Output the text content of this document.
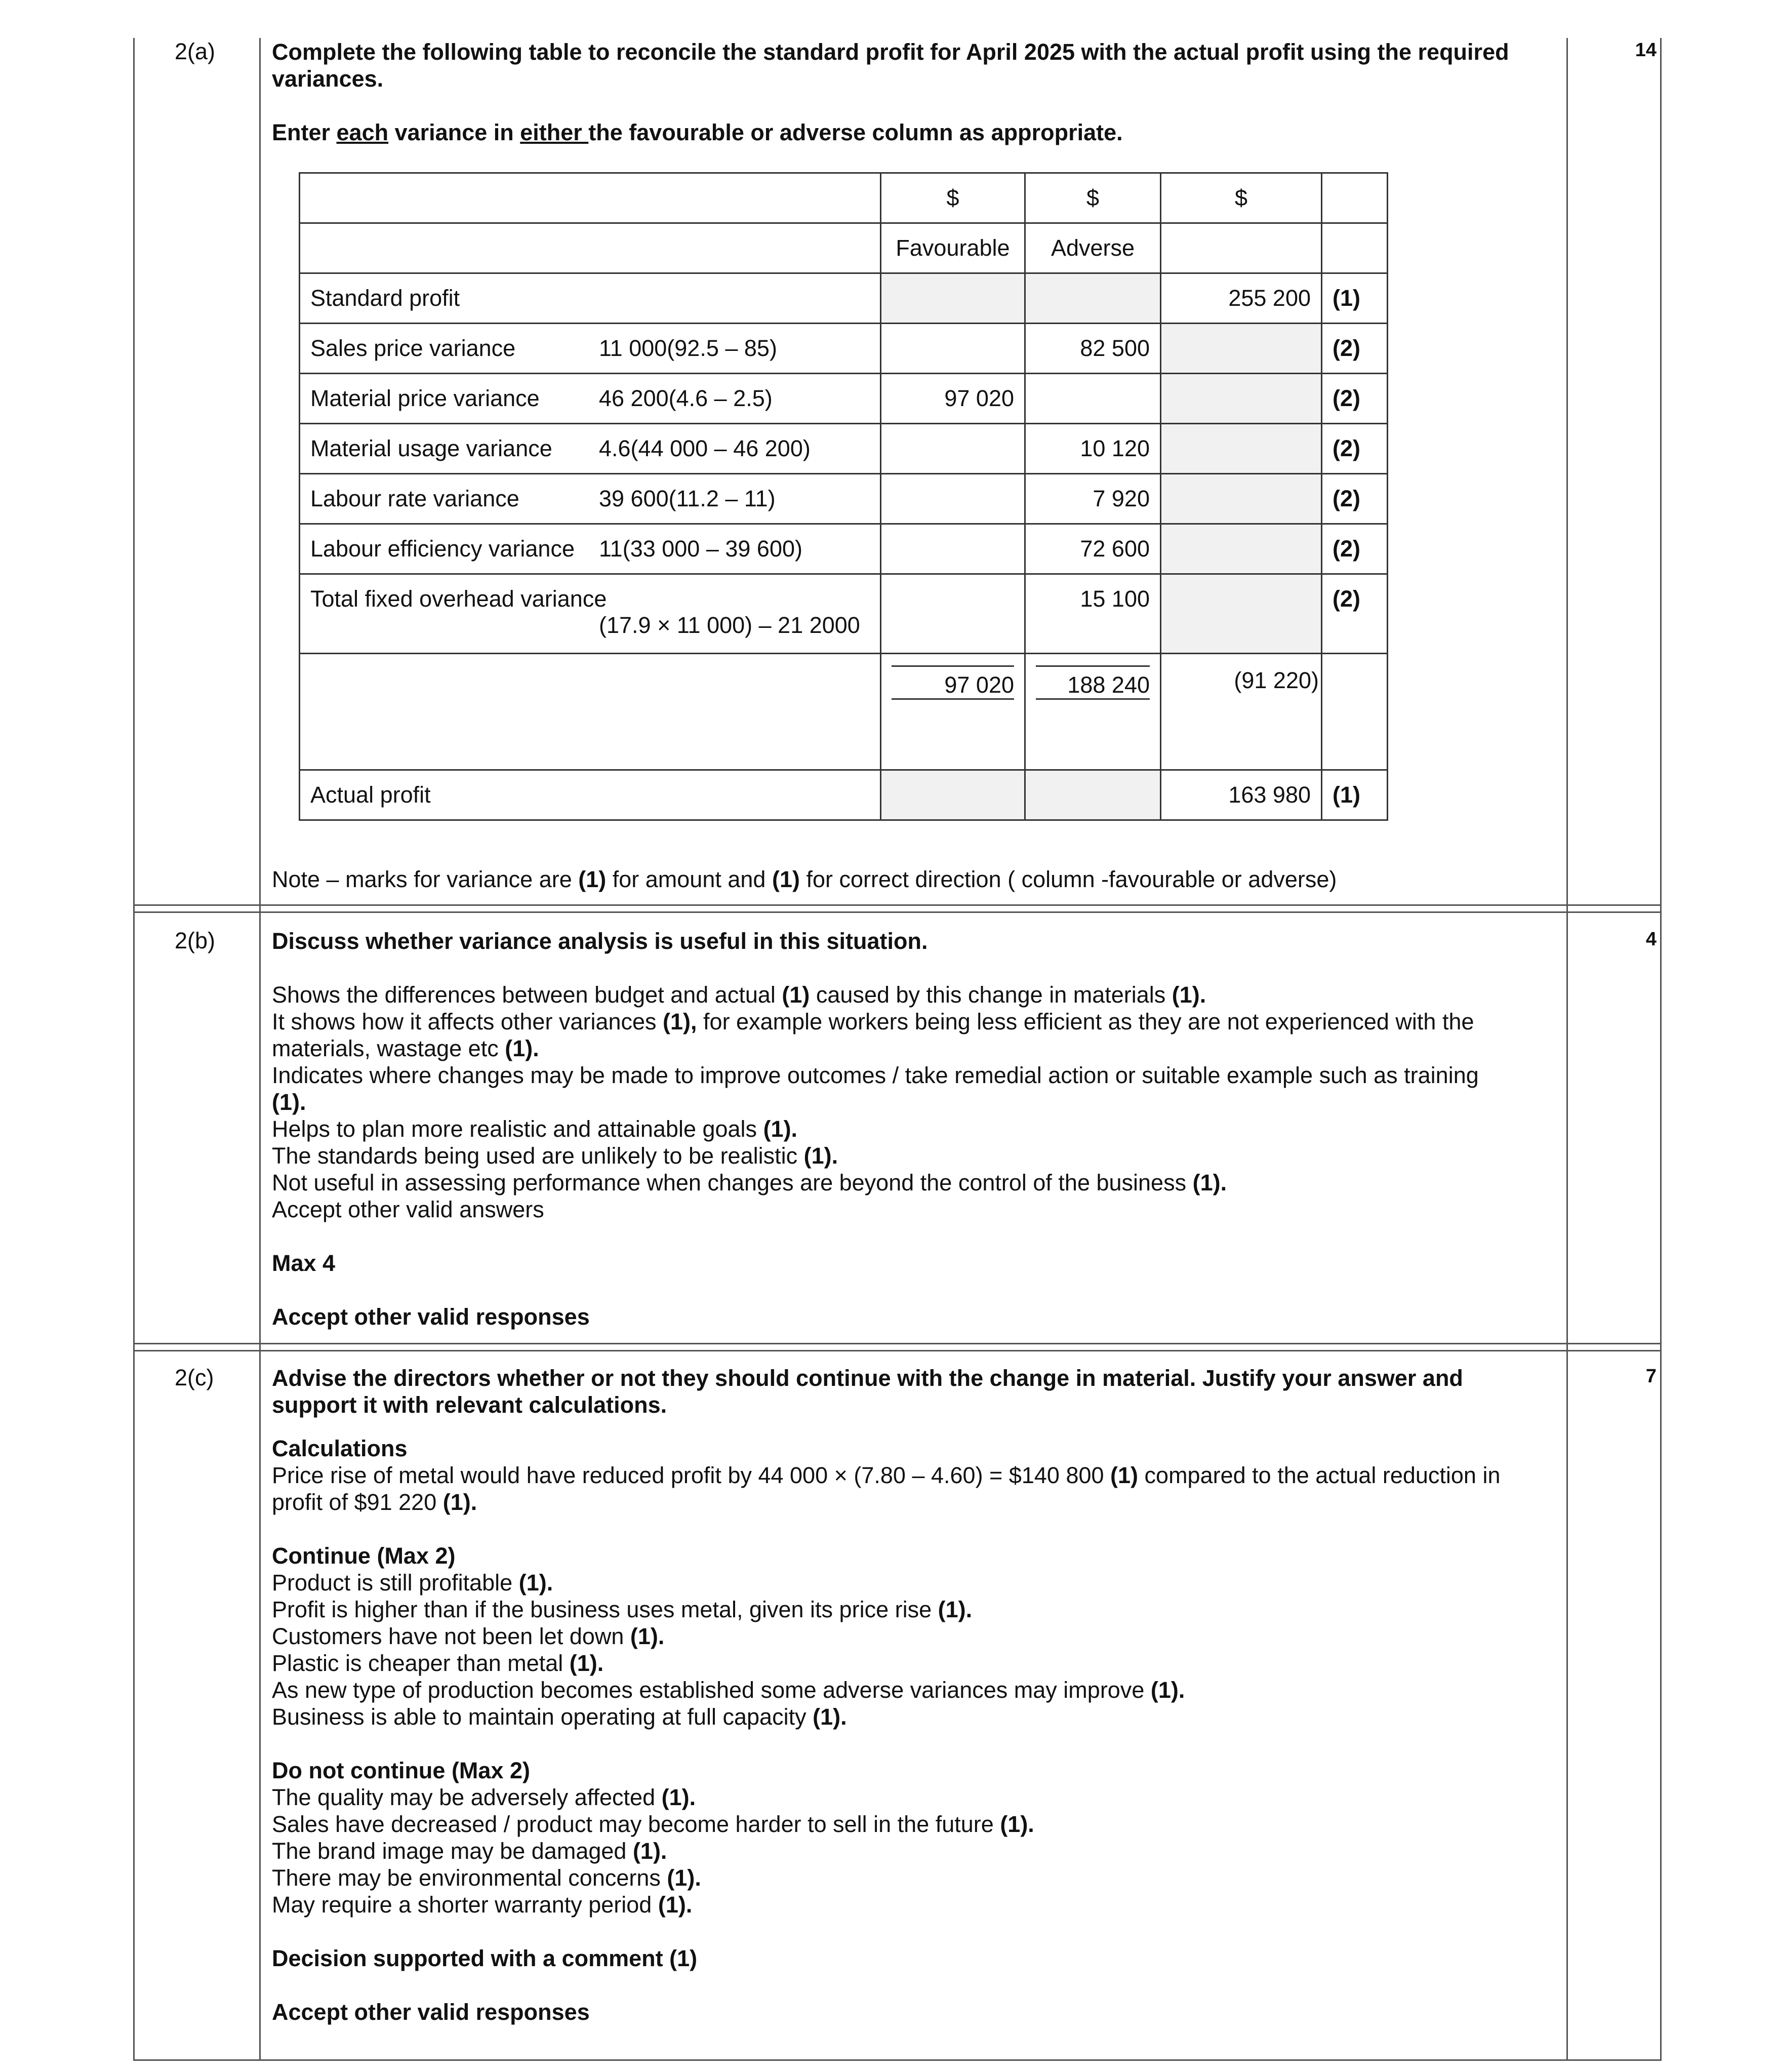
2(a)	14

Complete the following table to reconcile the standard profit for April 2025 with the actual profit using the required

variances.

Enter each variance in either the favourable or adverse column as appropriate.

	$	$	$	
	Favourable	Adverse		
Standard profit			255 200	(1)
Sales price variance 11 000(92.5 – 85)		82 500		(2)
Material price variance 46 200(4.6 – 2.5)	97 020			(2)
Material usage variance 4.6(44 000 – 46 200)		10 120		(2)
Labour rate variance 39 600(11.2 – 11)		7 920		(2)
Labour efficiency variance 11(33 000 – 39 600)		72 600		(2)

Total fixed overhead variance
(17.9 × 11 000) – 21 2000		15 100		(2)
	97 020	188 240	(91 220)	
Actual profit			163 980	(1)

Note – marks for variance are (1) for amount and (1) for correct direction ( column -favourable or adverse)

2(b)	4

Discuss whether variance analysis is useful in this situation.

Shows the differences between budget and actual (1) caused by this change in materials (1).

It shows how it affects other variances (1), for example workers being less efficient as they are not experienced with the

materials, wastage etc (1).

Indicates where changes may be made to improve outcomes / take remedial action or suitable example such as training

(1).

Helps to plan more realistic and attainable goals (1).

The standards being used are unlikely to be realistic (1).

Not useful in assessing performance when changes are beyond the control of the business (1).

Accept other valid answers

Max 4

Accept other valid responses

2(c)	7

Advise the directors whether or not they should continue with the change in material. Justify your answer and

support it with relevant calculations.

Calculations

Price rise of metal would have reduced profit by 44 000 × (7.80 – 4.60) = $140 800 (1) compared to the actual reduction in

profit of $91 220 (1).

Continue (Max 2)

Product is still profitable (1).

Profit is higher than if the business uses metal, given its price rise (1).

Customers have not been let down (1).

Plastic is cheaper than metal (1).

As new type of production becomes established some adverse variances may improve (1).

Business is able to maintain operating at full capacity (1).

Do not continue (Max 2)

The quality may be adversely affected (1).

Sales have decreased / product may become harder to sell in the future (1).

The brand image may be damaged (1).

There may be environmental concerns (1).

May require a shorter warranty period (1).

Decision supported with a comment (1)

Accept other valid responses
